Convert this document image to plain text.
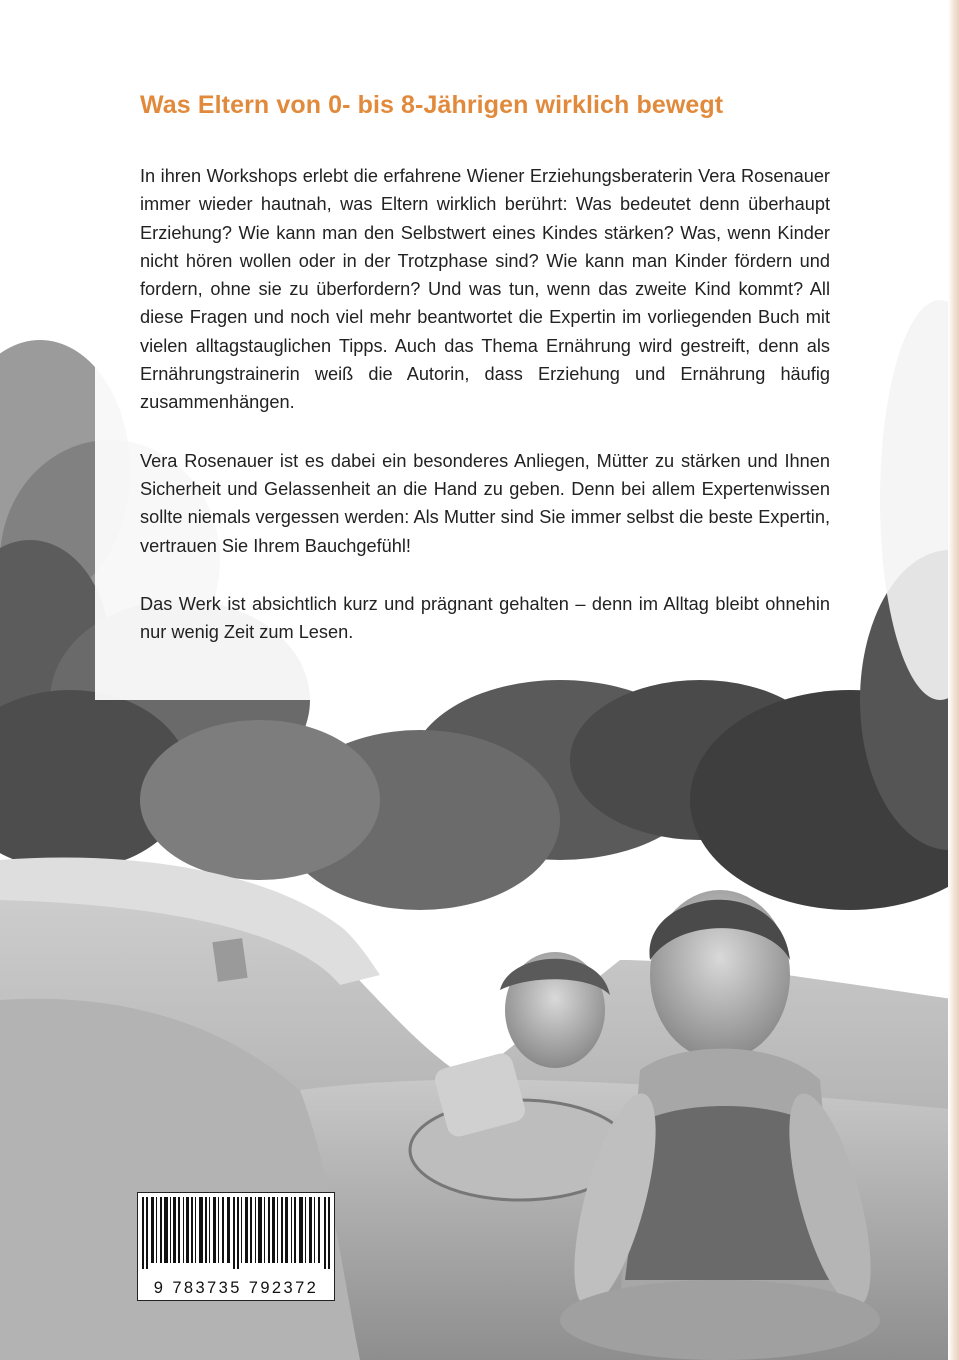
Was Eltern von 0- bis 8-Jährigen wirklich bewegt

In ihren Workshops erlebt die erfahrene Wiener Erziehungsberaterin Vera Rosenauer immer wieder hautnah, was Eltern wirklich berührt: Was bedeutet denn überhaupt Erziehung? Wie kann man den Selbstwert eines Kindes stärken? Was, wenn Kinder nicht hören wollen oder in der Trotzphase sind? Wie kann man Kinder fördern und fordern, ohne sie zu überfordern? Und was tun, wenn das zweite Kind kommt? All diese Fragen und noch viel mehr beantwortet die Expertin im vorliegenden Buch mit vielen alltagstauglichen Tipps. Auch das Thema Ernährung wird gestreift, denn als Ernährungstrainerin weiß die Autorin, dass Erziehung und Ernährung häufig zusammenhängen.

Vera Rosenauer ist es dabei ein besonderes Anliegen, Mütter zu stärken und Ihnen Sicherheit und Gelassenheit an die Hand zu geben. Denn bei allem Expertenwissen sollte niemals vergessen werden: Als Mutter sind Sie immer selbst die beste Expertin, vertrauen Sie Ihrem Bauchgefühl!

Das Werk ist absichtlich kurz und prägnant gehalten – denn im Alltag bleibt ohnehin nur wenig Zeit zum Lesen.

9 783735 792372
